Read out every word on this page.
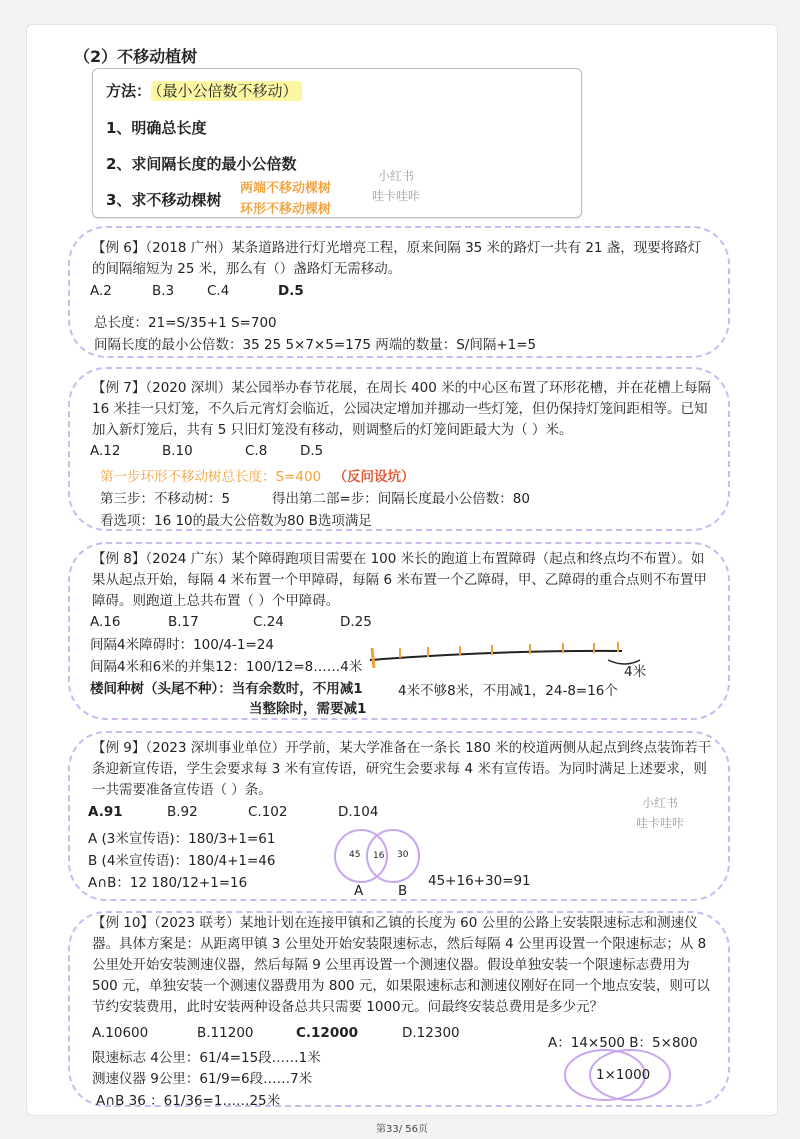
（2）不移动植树
方法： （最小公倍数不移动）
1、明确总长度
2、求间隔长度的最小公倍数
3、求不移动棵树
两端不移动棵树
环形不移动棵树
小红书
哇卡哇咔
【例 6】（2018 广州）某条道路进行灯光增亮工程，原来间隔 35 米的路灯一共有 21 盏，现要将路灯的间隔缩短为 25 米，那么有（）盏路灯无需移动。
A.2	B.3 C.4	D.5
总长度：21=S/35+1 S=700
间隔长度的最小公倍数：35 25 5×7×5=175 两端的数量：S/间隔+1=5
【例 7】（2020 深圳）某公园举办春节花展，在周长 400 米的中心区布置了环形花槽，并在花槽上每隔 16 米挂一只灯笼，不久后元宵灯会临近，公园决定增加并挪动一些灯笼，但仍保持灯笼间距相等。已知加入新灯笼后，共有 5 只旧灯笼没有移动，则调整后的灯笼间距最大为（ ）米。
A.12	B.10	C.8 D.5
第一步环形不移动树总长度：S=400 （反问设坑）
第三步：不移动树：5	得出第二部=步：间隔长度最小公倍数：80
看选项：16 10的最大公倍数为80 B选项满足
【例 8】（2024 广东）某个障碍跑项目需要在 100 米长的跑道上布置障碍（起点和终点均不布置）。如果从起点开始，每隔 4 米布置一个甲障碍，每隔 6 米布置一个乙障碍，甲、乙障碍的重合点则不布置甲障碍。则跑道上总共布置（ ）个甲障碍。
A.16	B.17	C.24	D.25
间隔4米障碍时：100/4-1=24
间隔4米和6米的并集12：100/12=8……4米
楼间种树（头尾不种）：当有余数时，不用减1
当整除时，需要减1
4米
4米不够8米，不用减1，24-8=16个
【例 9】（2023 深圳事业单位）开学前，某大学准备在一条长 180 米的校道两侧从起点到终点装饰若干条迎新宣传语，学生会要求每 3 米有宣传语，研究生会要求每 4 米有宣传语。为同时满足上述要求，则一共需要准备宣传语（ ）条。
A.91	B.92	C.102	D.104
小红书
哇卡哇咔
A (3米宣传语)：180/3+1=61
B (4米宣传语)：180/4+1=46
A∩B：12 180/12+1=16
45 16 30
A	B
45+16+30=91
【例 10】（2023 联考）某地计划在连接甲镇和乙镇的长度为 60 公里的公路上安装限速标志和测速仪器。具体方案是：从距离甲镇 3 公里处开始安装限速标志，然后每隔 4 公里再设置一个限速标志；从 8 公里处开始安装测速仪器，然后每隔 9 公里再设置一个测速仪器。假设单独安装一个限速标志费用为 500 元，单独安装一个测速仪器费用为 800 元，如果限速标志和测速仪刚好在同一个地点安装，则可以节约安装费用，此时安装两种设备总共只需要 1000元。问最终安装总费用是多少元？
A.10600	B.11200	C.12000	D.12300
A：14×500 B：5×800
限速标志 4公里：61/4=15段……1米
测速仪器 9公里：61/9=6段……7米
A∩B 36 ：61/36=1……25米
1×1000
第33/ 56页
